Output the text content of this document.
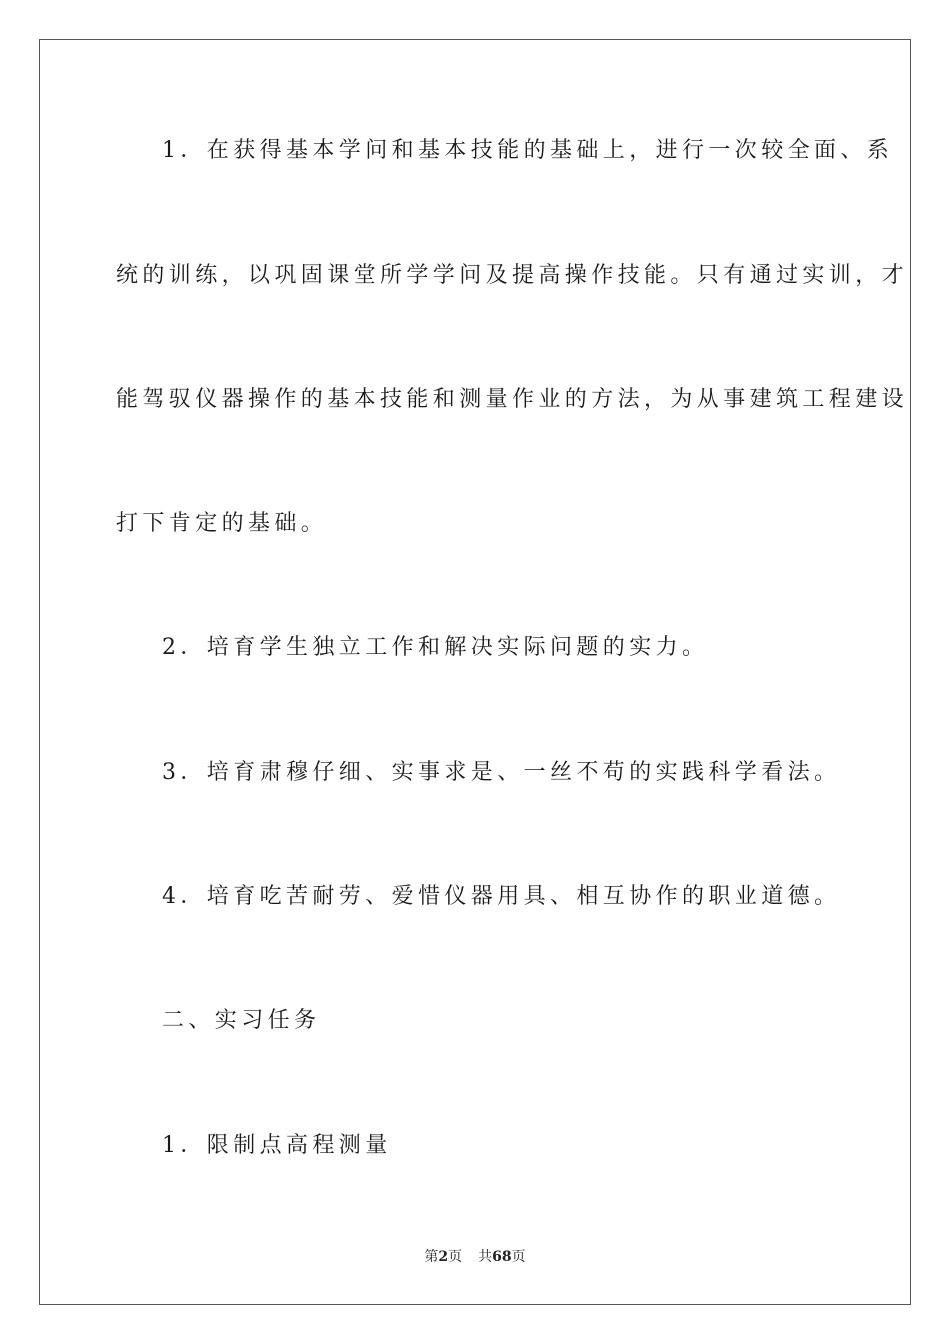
1．在获得基本学问和基本技能的基础上，进行一次较全面、系
统的训练，以巩固课堂所学学问及提高操作技能。只有通过实训，才
能驾驭仪器操作的基本技能和测量作业的方法，为从事建筑工程建设
打下肯定的基础。
2．培育学生独立工作和解决实际问题的实力。
3．培育肃穆仔细、实事求是、一丝不苟的实践科学看法。
4．培育吃苦耐劳、爱惜仪器用具、相互协作的职业道德。
二、实习任务
1．限制点高程测量
第2页 共68页
